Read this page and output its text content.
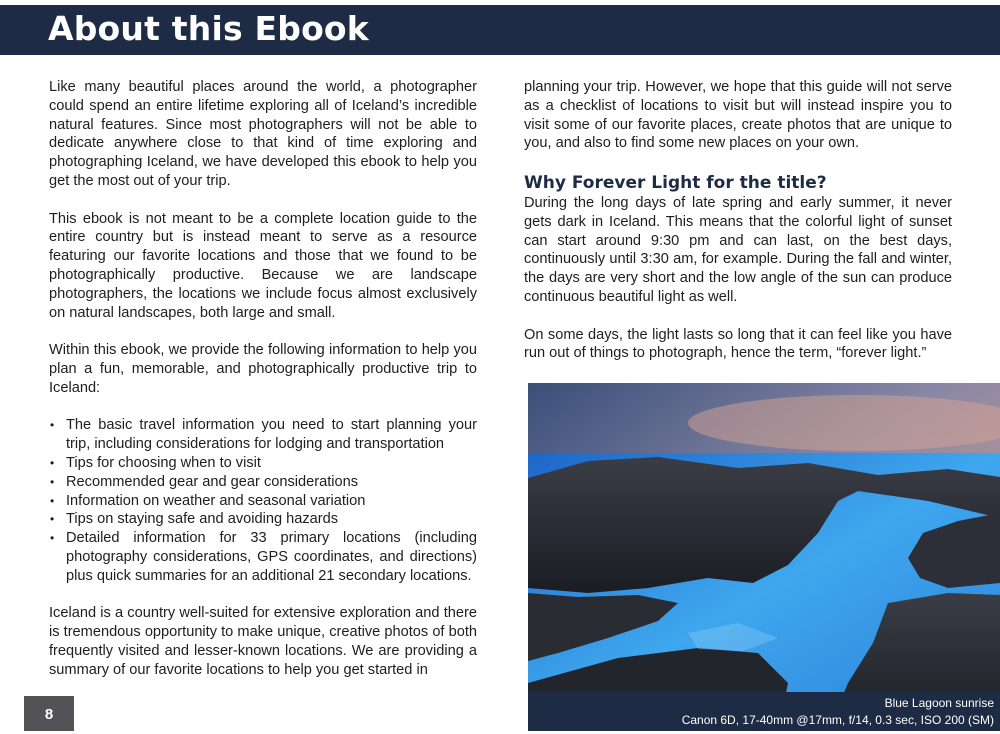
About this Ebook

Like many beautiful places around the world, a photographer could spend an entire lifetime exploring all of Iceland’s incredible natural features. Since most photographers will not be able to dedicate anywhere close to that kind of time exploring and photographing Iceland, we have developed this ebook to help you get the most out of your trip.

This ebook is not meant to be a complete location guide to the entire country but is instead meant to serve as a resource featuring our favorite locations and those that we found to be photographically productive. Because we are landscape photographers, the locations we include focus almost exclusively on natural landscapes, both large and small.

Within this ebook, we provide the following information to help you plan a fun, memorable, and photographically productive trip to Iceland:

• The basic travel information you need to start planning your trip, including considerations for lodging and transportation
• Tips for choosing when to visit
• Recommended gear and gear considerations
• Information on weather and seasonal variation
• Tips on staying safe and avoiding hazards
• Detailed information for 33 primary locations (including photography considerations, GPS coordinates, and directions) plus quick summaries for an additional 21 secondary locations.

Iceland is a country well-suited for extensive exploration and there is tremendous opportunity to make unique, creative photos of both frequently visited and lesser-known locations. We are providing a summary of our favorite locations to help you get started in

planning your trip. However, we hope that this guide will not serve as a checklist of locations to visit but will instead inspire you to visit some of our favorite places, create photos that are unique to you, and also to find some new places on your own.

Why Forever Light for the title?

During the long days of late spring and early summer, it never gets dark in Iceland. This means that the colorful light of sunset can start around 9:30 pm and can last, on the best days, continuously until 3:30 am, for example. During the fall and winter, the days are very short and the low angle of the sun can produce continuous beautiful light as well.

On some days, the light lasts so long that it can feel like you have run out of things to photograph, hence the term, “forever light.”

Blue Lagoon sunrise
Canon 6D, 17-40mm @17mm, f/14, 0.3 sec, ISO 200 (SM)
8
